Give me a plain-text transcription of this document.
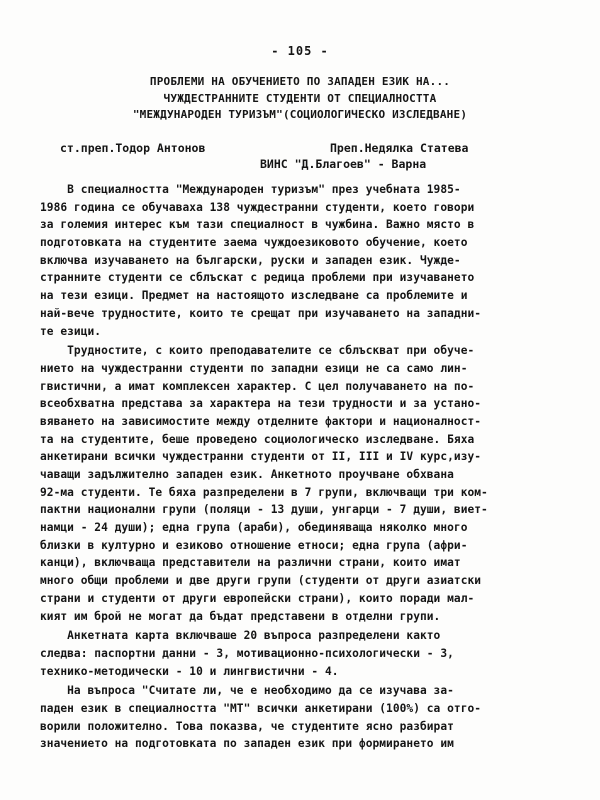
- 105 -
ПРОБЛЕМИ НА ОБУЧЕНИЕТО ПО ЗАПАДЕН ЕЗИК НА...
ЧУЖДЕСТРАННИТЕ СТУДЕНТИ ОТ СПЕЦИАЛНОСТТА
"МЕЖДУНАРОДЕН ТУРИЗЪМ"(СОЦИОЛОГИЧЕСКО ИЗСЛЕДВАНЕ)
ст.преп.Тодор Антонов	Преп.Недялка Статева
ВИНС "Д.Благоев" - Варна
В специалността "Международен туризъм" през учебната 1985-
1986 година се обучаваха 138 чуждестранни студенти, което говори
за големия интерес към тази специалност в чужбина. Важно място в
подготовката на студентите заема чуждоезиковото обучение, което
включва изучаването на български, руски и западен език. Чужде-
странните студенти се сблъскат с редица проблеми при изучаването
на тези езици. Предмет на настоящото изследване са проблемите и
най-вече трудностите, които те срещат при изучаването на западни-
те езици.
Трудностите, с които преподавателите се сблъскват при обуче-
нието на чуждестранни студенти по западни езици не са само лин-
гвистични, а имат комплексен характер. С цел получаването на по-
всеобхватна представа за характера на тези трудности и за устано-
вяването на зависимостите между отделните фактори и националност-
та на студентите, беше проведено социологическо изследване. Бяха
анкетирани всички чуждестранни студенти от II, III и IV курс,изу-
чаващи задължително западен език. Анкетното проучване обхвана
92-ма студенти. Те бяха разпределени в 7 групи, включващи три ком-
пактни национални групи (поляци - 13 души, унгарци - 7 души, виет-
намци - 24 души); една група (араби), обединяваща няколко много
близки в културно и езиково отношение етноси; една група (афри-
канци), включваща представители на различни страни, които имат
много общи проблеми и две други групи (студенти от други азиатски
страни и студенти от други европейски страни), които поради мал-
кият им брой не могат да бъдат представени в отделни групи.
Анкетната карта включваше 20 въпроса разпределени както
следва: паспортни данни - 3, мотивационно-психологически - 3,
технико-методически - 10 и лингвистични - 4.
На въпроса "Считате ли, че е необходимо да се изучава за-
паден език в специалността "МТ" всички анкетирани (100%) са отго-
ворили положително. Това показва, че студентите ясно разбират
значението на подготовката по западен език при формирането им
